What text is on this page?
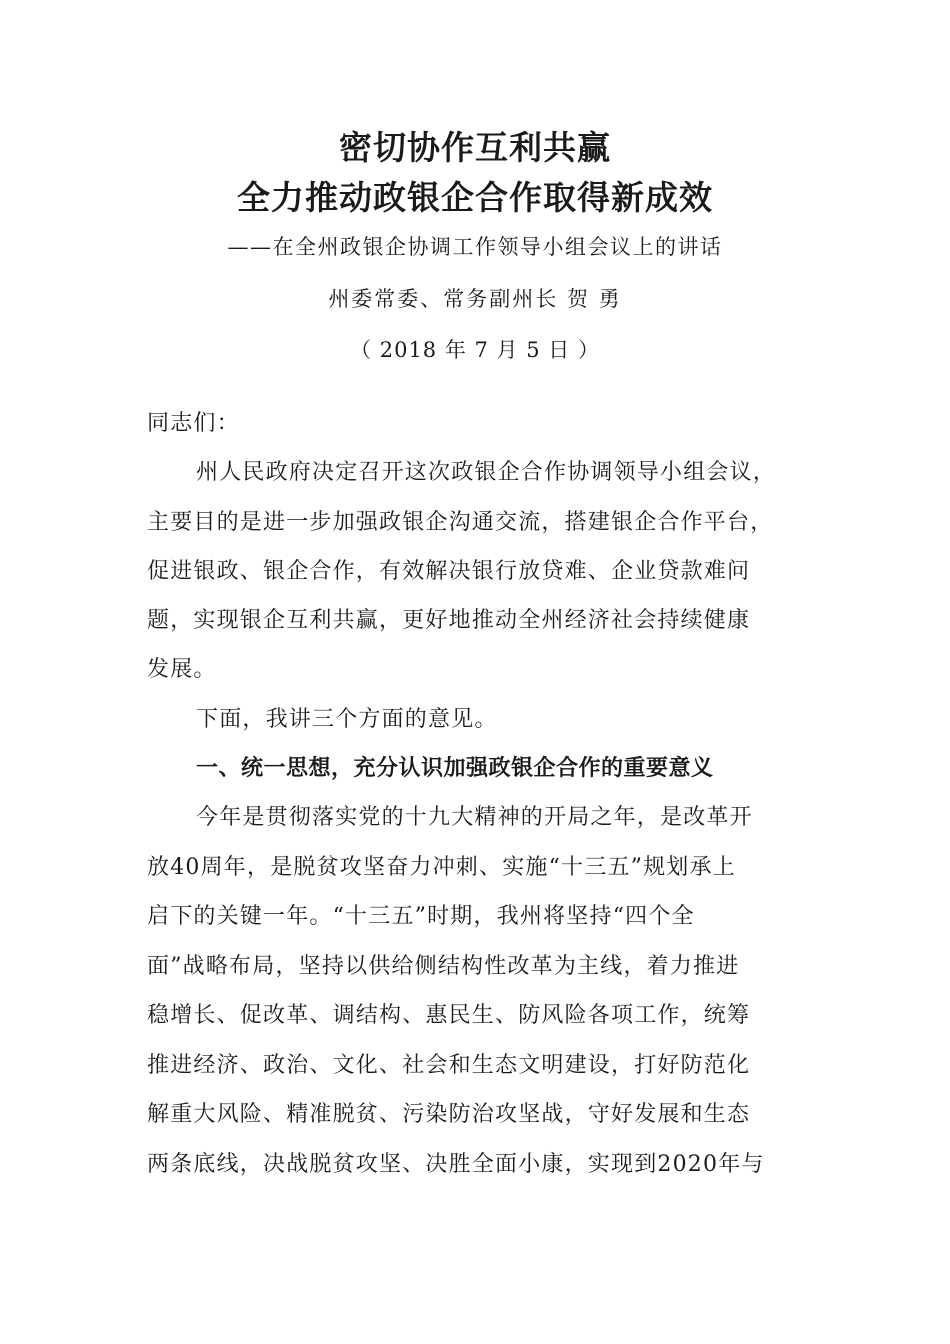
密切协作互利共赢
全力推动政银企合作取得新成效
——在全州政银企协调工作领导小组会议上的讲话
州委常委、常务副州长 贺 勇
（ 2018 年 7 月 5 日 ）
同志们：
州人民政府决定召开这次政银企合作协调领导小组会议，
主要目的是进一步加强政银企沟通交流，搭建银企合作平台，
促进银政、银企合作，有效解决银行放贷难、企业贷款难问
题，实现银企互利共赢，更好地推动全州经济社会持续健康
发展。
下面，我讲三个方面的意见。
一、统一思想，充分认识加强政银企合作的重要意义
今年是贯彻落实党的十九大精神的开局之年，是改革开
放40周年，是脱贫攻坚奋力冲刺、实施“十三五”规划承上
启下的关键一年。“十三五”时期，我州将坚持“四个全
面”战略布局，坚持以供给侧结构性改革为主线，着力推进
稳增长、促改革、调结构、惠民生、防风险各项工作，统筹
推进经济、政治、文化、社会和生态文明建设，打好防范化
解重大风险、精准脱贫、污染防治攻坚战，守好发展和生态
两条底线，决战脱贫攻坚、决胜全面小康，实现到2020年与
